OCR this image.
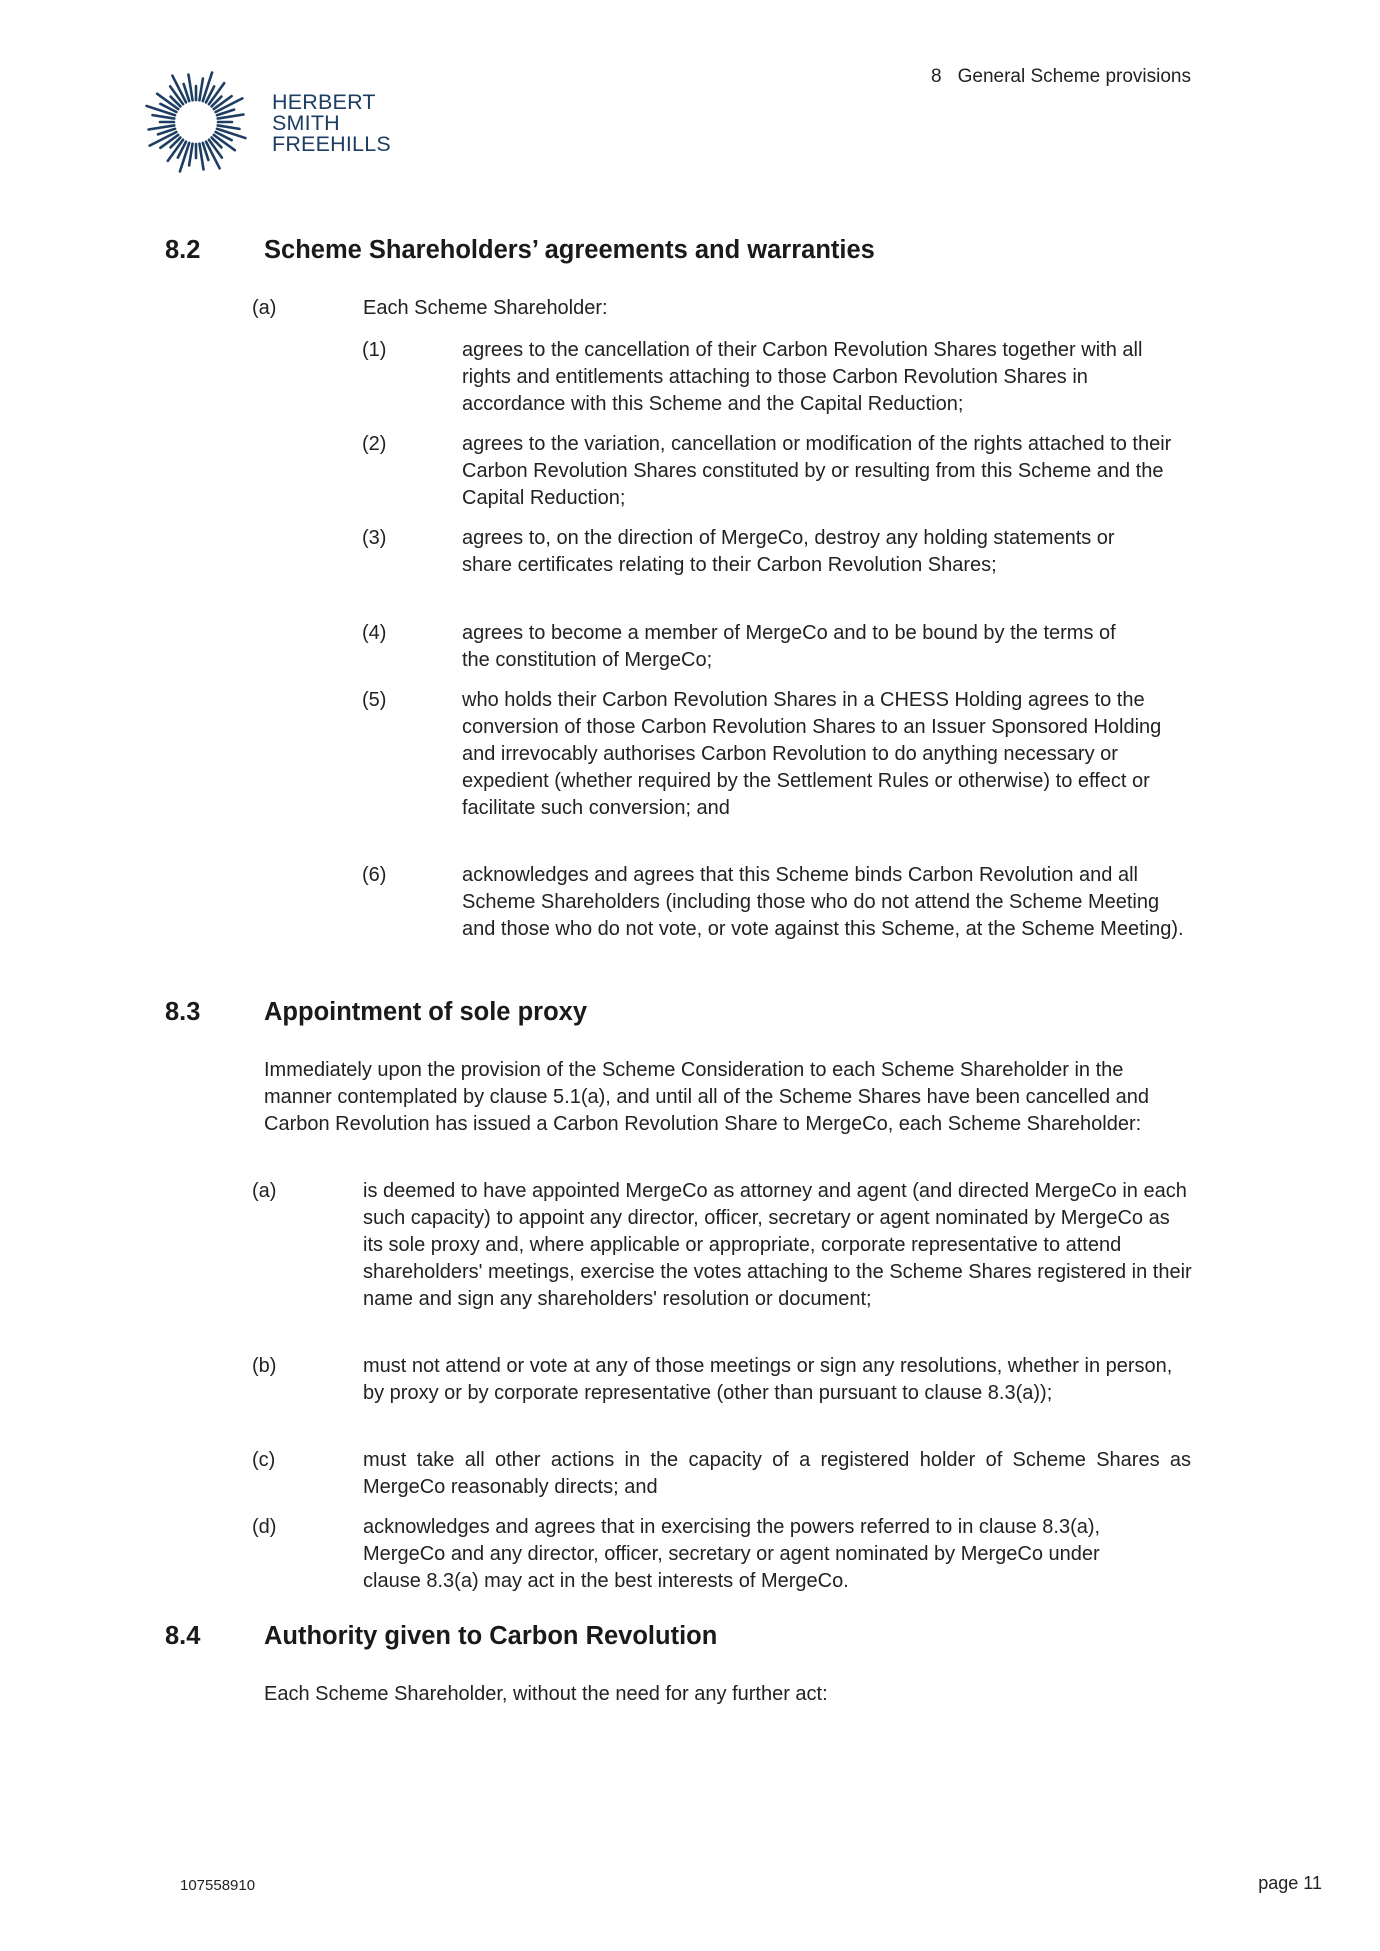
HERBERT
SMITH
FREEHILLS
8 General Scheme provisions
8.2 Scheme Shareholders’ agreements and warranties
(a)	Each Scheme Shareholder:
(1)	agrees to the cancellation of their Carbon Revolution Shares together with all rights and entitlements attaching to those Carbon Revolution Shares in accordance with this Scheme and the Capital Reduction;
(2)	agrees to the variation, cancellation or modification of the rights attached to their Carbon Revolution Shares constituted by or resulting from this Scheme and the Capital Reduction;
(3)	agrees to, on the direction of MergeCo, destroy any holding statements or share certificates relating to their Carbon Revolution Shares;
(4)	agrees to become a member of MergeCo and to be bound by the terms of the constitution of MergeCo;
(5)	who holds their Carbon Revolution Shares in a CHESS Holding agrees to the conversion of those Carbon Revolution Shares to an Issuer Sponsored Holding and irrevocably authorises Carbon Revolution to do anything necessary or expedient (whether required by the Settlement Rules or otherwise) to effect or facilitate such conversion; and
(6)	acknowledges and agrees that this Scheme binds Carbon Revolution and all Scheme Shareholders (including those who do not attend the Scheme Meeting and those who do not vote, or vote against this Scheme, at the Scheme Meeting).
8.3 Appointment of sole proxy
Immediately upon the provision of the Scheme Consideration to each Scheme Shareholder in the manner contemplated by clause 5.1(a), and until all of the Scheme Shares have been cancelled and Carbon Revolution has issued a Carbon Revolution Share to MergeCo, each Scheme Shareholder:
(a)	is deemed to have appointed MergeCo as attorney and agent (and directed MergeCo in each such capacity) to appoint any director, officer, secretary or agent nominated by MergeCo as its sole proxy and, where applicable or appropriate, corporate representative to attend shareholders' meetings, exercise the votes attaching to the Scheme Shares registered in their name and sign any shareholders' resolution or document;
(b)	must not attend or vote at any of those meetings or sign any resolutions, whether in person, by proxy or by corporate representative (other than pursuant to clause 8.3(a));
(c)	must take all other actions in the capacity of a registered holder of Scheme Shares as MergeCo reasonably directs; and
(d)	acknowledges and agrees that in exercising the powers referred to in clause 8.3(a), MergeCo and any director, officer, secretary or agent nominated by MergeCo under clause 8.3(a) may act in the best interests of MergeCo.
8.4 Authority given to Carbon Revolution
Each Scheme Shareholder, without the need for any further act:
107558910	page 11
